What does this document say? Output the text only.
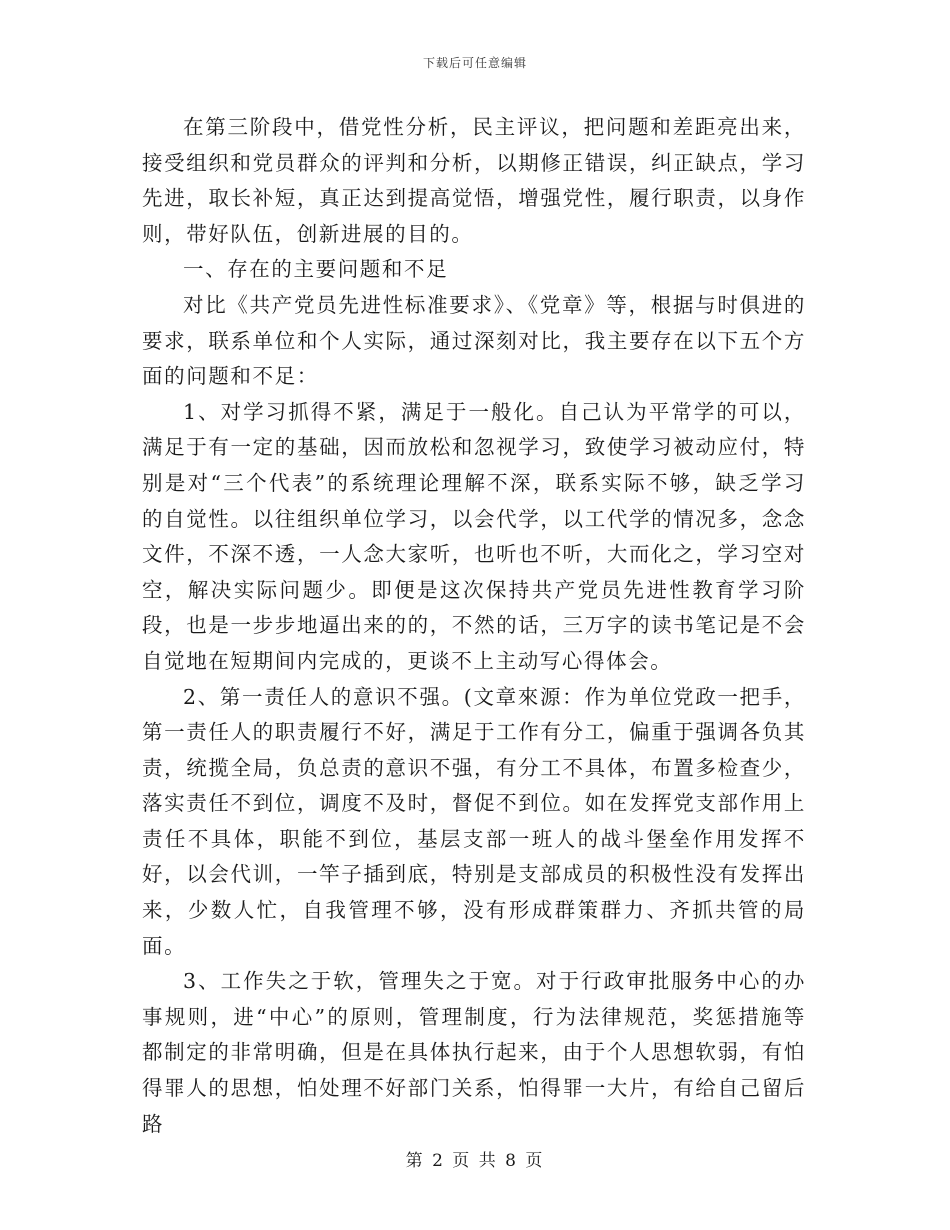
下载后可任意编辑

在第三阶段中，借党性分析，民主评议，把问题和差距亮出来，接受组织和党员群众的评判和分析，以期修正错误，纠正缺点，学习先进，取长补短，真正达到提高觉悟，增强党性，履行职责，以身作则，带好队伍，创新进展的目的。

一、存在的主要问题和不足

对比《共产党员先进性标准要求》、《党章》等，根据与时俱进的要求，联系单位和个人实际，通过深刻对比，我主要存在以下五个方面的问题和不足：

1、对学习抓得不紧，满足于一般化。自己认为平常学的可以，满足于有一定的基础，因而放松和忽视学习，致使学习被动应付，特别是对“三个代表”的系统理论理解不深，联系实际不够，缺乏学习的自觉性。以往组织单位学习，以会代学，以工代学的情况多，念念文件，不深不透，一人念大家听，也听也不听，大而化之，学习空对空，解决实际问题少。即便是这次保持共产党员先进性教育学习阶段，也是一步步地逼出来的的，不然的话，三万字的读书笔记是不会自觉地在短期间内完成的，更谈不上主动写心得体会。

2、第一责任人的意识不强。(文章來源：作为单位党政一把手，第一责任人的职责履行不好，满足于工作有分工，偏重于强调各负其责，统揽全局，负总责的意识不强，有分工不具体，布置多检查少，落实责任不到位，调度不及时，督促不到位。如在发挥党支部作用上责任不具体，职能不到位，基层支部一班人的战斗堡垒作用发挥不好，以会代训，一竿子插到底，特别是支部成员的积极性没有发挥出来，少数人忙，自我管理不够，没有形成群策群力、齐抓共管的局面。

3、工作失之于软，管理失之于宽。对于行政审批服务中心的办事规则，进“中心”的原则，管理制度，行为法律规范，奖惩措施等都制定的非常明确，但是在具体执行起来，由于个人思想软弱，有怕得罪人的思想，怕处理不好部门关系，怕得罪一大片，有给自己留后路

第 2 页 共 8 页
